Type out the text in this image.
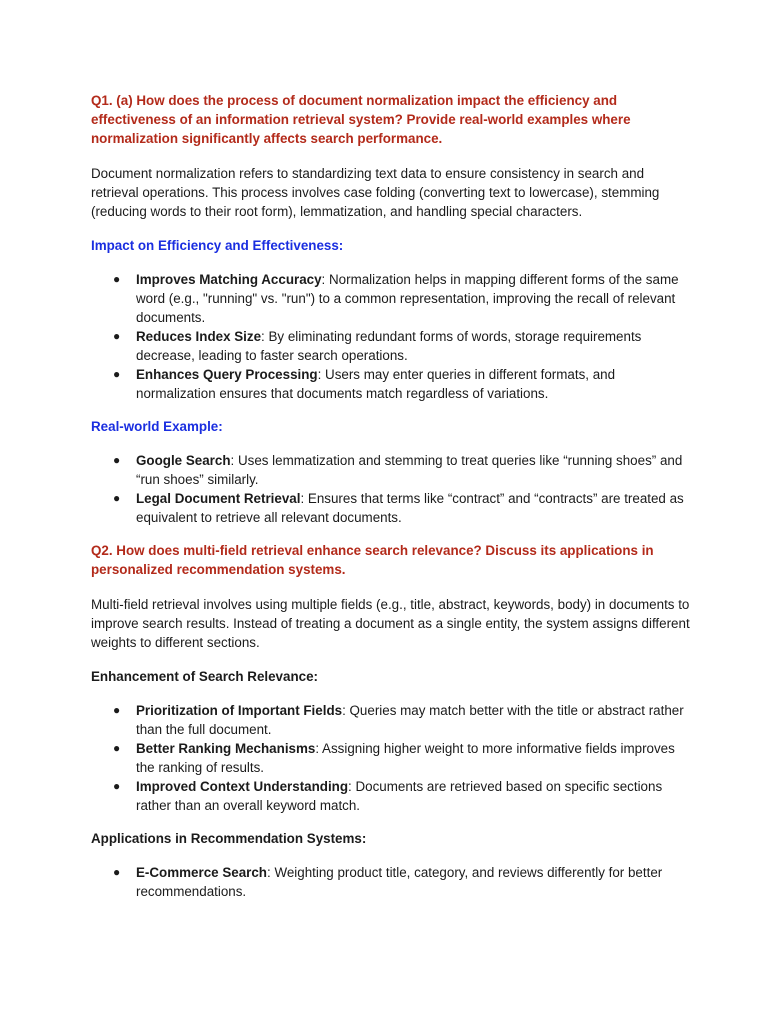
Q1. (a) How does the process of document normalization impact the efficiency and effectiveness of an information retrieval system? Provide real-world examples where normalization significantly affects search performance.

Document normalization refers to standardizing text data to ensure consistency in search and retrieval operations. This process involves case folding (converting text to lowercase), stemming (reducing words to their root form), lemmatization, and handling special characters.

Impact on Efficiency and Effectiveness:

● Improves Matching Accuracy: Normalization helps in mapping different forms of the same word (e.g., "running" vs. "run") to a common representation, improving the recall of relevant documents.
● Reduces Index Size: By eliminating redundant forms of words, storage requirements decrease, leading to faster search operations.
● Enhances Query Processing: Users may enter queries in different formats, and normalization ensures that documents match regardless of variations.

Real-world Example:

● Google Search: Uses lemmatization and stemming to treat queries like “running shoes” and “run shoes” similarly.
● Legal Document Retrieval: Ensures that terms like “contract” and “contracts” are treated as equivalent to retrieve all relevant documents.

Q2. How does multi-field retrieval enhance search relevance? Discuss its applications in personalized recommendation systems.

Multi-field retrieval involves using multiple fields (e.g., title, abstract, keywords, body) in documents to improve search results. Instead of treating a document as a single entity, the system assigns different weights to different sections.

Enhancement of Search Relevance:

● Prioritization of Important Fields: Queries may match better with the title or abstract rather than the full document.
● Better Ranking Mechanisms: Assigning higher weight to more informative fields improves the ranking of results.
● Improved Context Understanding: Documents are retrieved based on specific sections rather than an overall keyword match.

Applications in Recommendation Systems:

● E-Commerce Search: Weighting product title, category, and reviews differently for better recommendations.
